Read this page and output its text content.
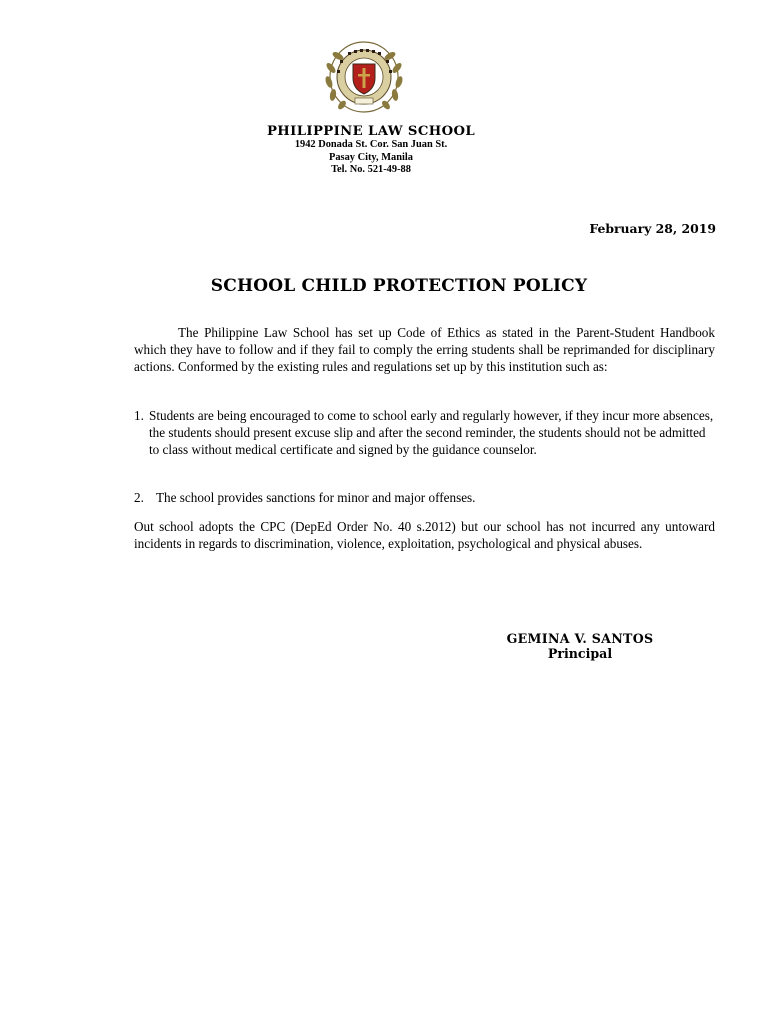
PHILIPPINE LAW SCHOOL
1942 Donada St. Cor. San Juan St.
Pasay City, Manila
Tel. No. 521-49-88
February 28, 2019
SCHOOL CHILD PROTECTION POLICY
The Philippine Law School has set up Code of Ethics as stated in the Parent-Student Handbook which they have to follow and if they fail to comply the erring students shall be reprimanded for disciplinary actions. Conformed by the existing rules and regulations set up by this institution such as:
1. Students are being encouraged to come to school early and regularly however, if they incur more absences, the students should present excuse slip and after the second reminder, the students should not be admitted to class without medical certificate and signed by the guidance counselor.
2. The school provides sanctions for minor and major offenses.
Out school adopts the CPC (DepEd Order No. 40 s.2012) but our school has not incurred any untoward incidents in regards to discrimination, violence, exploitation, psychological and physical abuses.
GEMINA V. SANTOS
Principal
